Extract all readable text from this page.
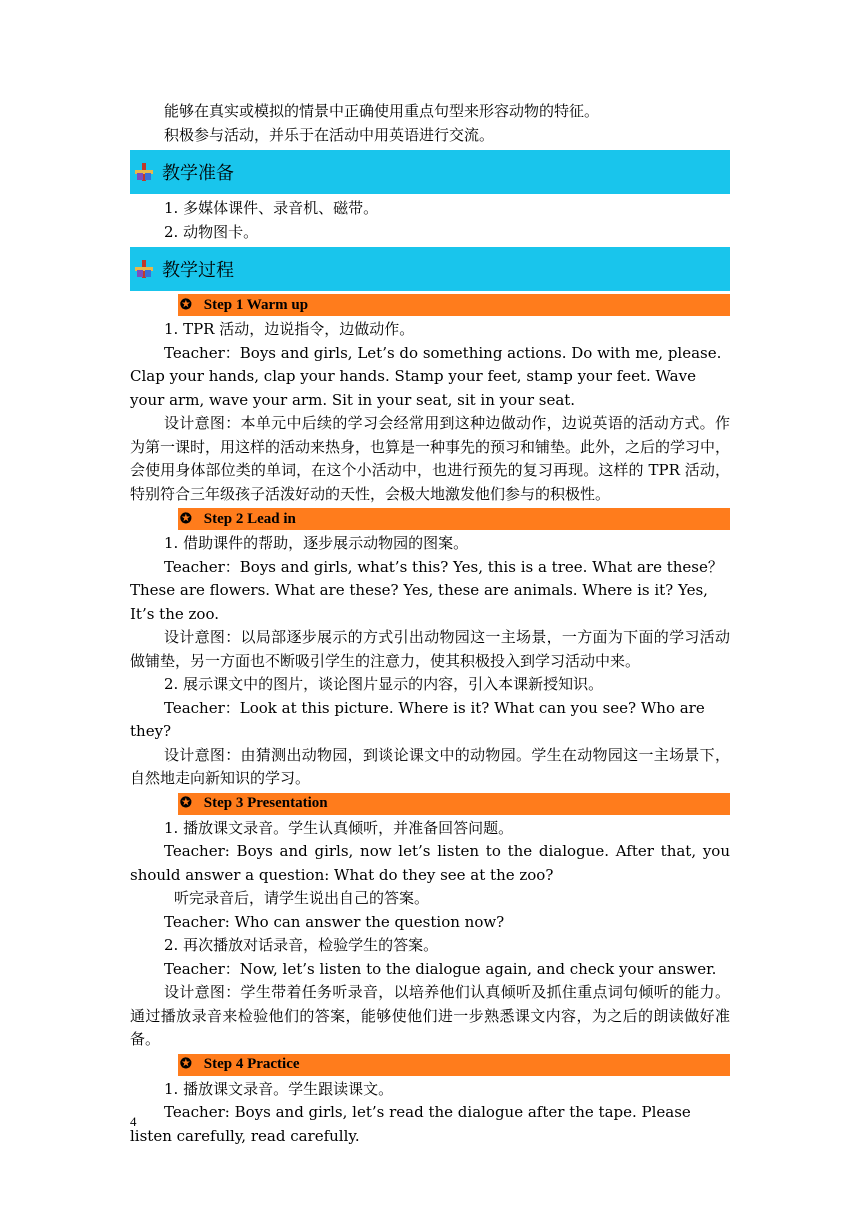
能够在真实或模拟的情景中正确使用重点句型来形容动物的特征。

积极参与活动，并乐于在活动中用英语进行交流。

教学准备

1. 多媒体课件、录音机、磁带。

2. 动物图卡。

教学过程
✪ Step 1 Warm up

1. TPR 活动，边说指令，边做动作。

Teacher：Boys and girls, Let’s do something actions. Do with me, please. Clap your hands, clap your hands. Stamp your feet, stamp your feet. Wave your arm, wave your arm. Sit in your seat, sit in your seat.

设计意图：本单元中后续的学习会经常用到这种边做动作，边说英语的活动方式。作为第一课时，用这样的活动来热身，也算是一种事先的预习和铺垫。此外，之后的学习中，会使用身体部位类的单词，在这个小活动中，也进行预先的复习再现。这样的 TPR 活动，特别符合三年级孩子活泼好动的天性，会极大地激发他们参与的积极性。

✪ Step 2 Lead in

1. 借助课件的帮助，逐步展示动物园的图案。

Teacher：Boys and girls, what’s this? Yes, this is a tree. What are these？These are flowers. What are these? Yes, these are animals. Where is it? Yes, It’s the zoo.

设计意图：以局部逐步展示的方式引出动物园这一主场景，一方面为下面的学习活动做铺垫，另一方面也不断吸引学生的注意力，使其积极投入到学习活动中来。

2. 展示课文中的图片，谈论图片显示的内容，引入本课新授知识。

Teacher：Look at this picture. Where is it? What can you see? Who are they?

设计意图：由猜测出动物园，到谈论课文中的动物园。学生在动物园这一主场景下，自然地走向新知识的学习。

✪ Step 3 Presentation

1. 播放课文录音。学生认真倾听，并准备回答问题。

Teacher: Boys and girls, now let’s listen to the dialogue. After that, you should answer a question: What do they see at the zoo?

听完录音后，请学生说出自己的答案。

Teacher: Who can answer the question now?

2. 再次播放对话录音，检验学生的答案。

Teacher：Now, let’s listen to the dialogue again, and check your answer.

设计意图：学生带着任务听录音，以培养他们认真倾听及抓住重点词句倾听的能力。通过播放录音来检验他们的答案，能够使他们进一步熟悉课文内容，为之后的朗读做好准备。

✪ Step 4 Practice

1. 播放课文录音。学生跟读课文。

Teacher: Boys and girls, let’s read the dialogue after the tape. Please listen carefully, read carefully.

4
